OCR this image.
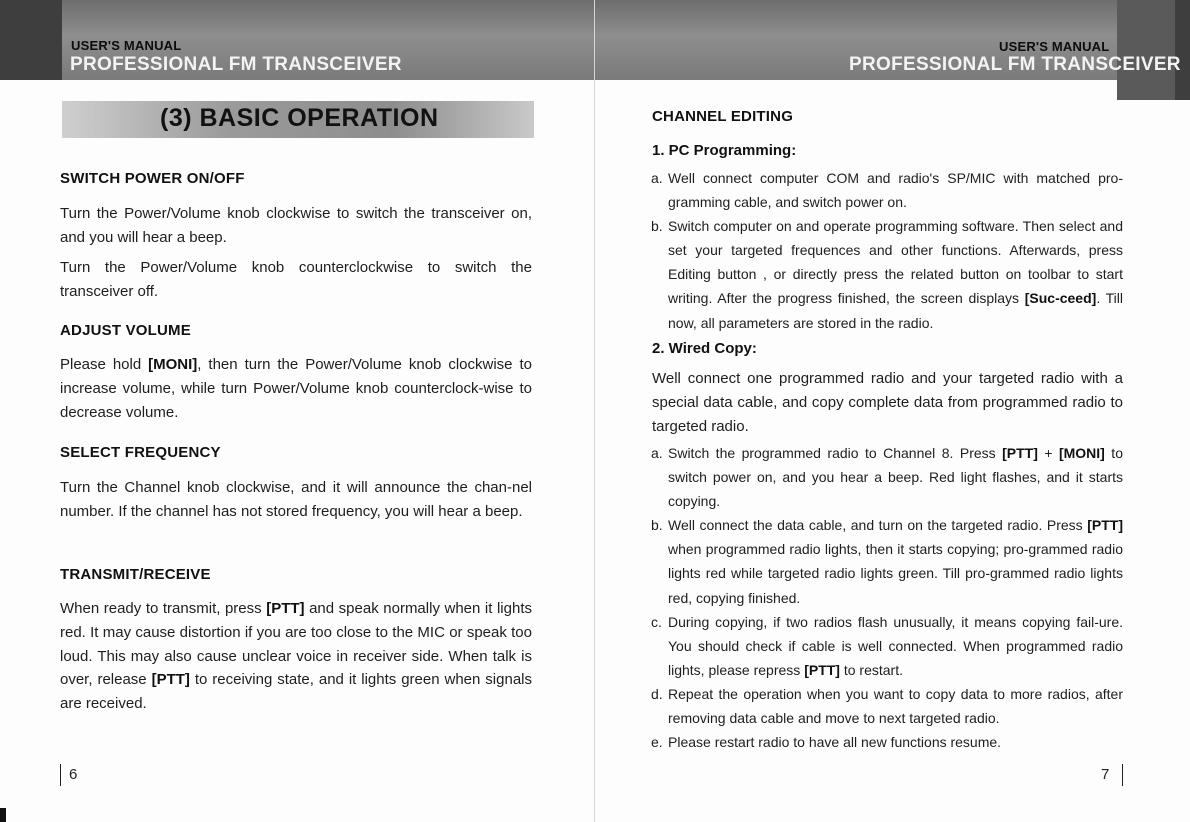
USER'S MANUAL
PROFESSIONAL FM TRANSCEIVER
(3) BASIC OPERATION
SWITCH POWER ON/OFF
Turn the Power/Volume knob clockwise to switch the transceiver on, and you will hear a beep.
Turn the Power/Volume knob counterclockwise to switch the transceiver off.
ADJUST VOLUME
Please hold [MONI], then turn the Power/Volume knob clockwise to increase volume, while turn Power/Volume knob counterclock-wise to decrease volume.
SELECT FREQUENCY
Turn the Channel knob clockwise, and it will announce the chan-nel number. If the channel has not stored frequency, you will hear a beep.
TRANSMIT/RECEIVE
When ready to transmit, press [PTT] and speak normally when it lights red. It may cause distortion if you are too close to the MIC or speak too loud. This may also cause unclear voice in receiver side. When talk is over, release [PTT] to receiving state, and it lights green when signals are received.
6
USER'S MANUAL
PROFESSIONAL FM TRANSCEIVER
CHANNEL EDITING
1. PC Programming:
a. Well connect computer COM and radio's SP/MIC with matched pro-gramming cable, and switch power on.
b. Switch computer on and operate programming software. Then select and set your targeted frequences and other functions. Afterwards, press Editing button , or directly press the related button on toolbar to start writing. After the progress finished, the screen displays [Suc-ceed]. Till now, all parameters are stored in the radio.
2. Wired Copy:
Well connect one programmed radio and your targeted radio with a special data cable, and copy complete data from programmed radio to targeted radio.
a. Switch the programmed radio to Channel 8. Press [PTT] + [MONI] to switch power on, and you hear a beep. Red light flashes, and it starts copying.
b. Well connect the data cable, and turn on the targeted radio. Press [PTT] when programmed radio lights, then it starts copying; pro-grammed radio lights red while targeted radio lights green. Till pro-grammed radio lights red, copying finished.
c. During copying, if two radios flash unusually, it means copying fail-ure. You should check if cable is well connected. When programmed radio lights, please repress [PTT] to restart.
d. Repeat the operation when you want to copy data to more radios, after removing data cable and move to next targeted radio.
e. Please restart radio to have all new functions resume.
7
